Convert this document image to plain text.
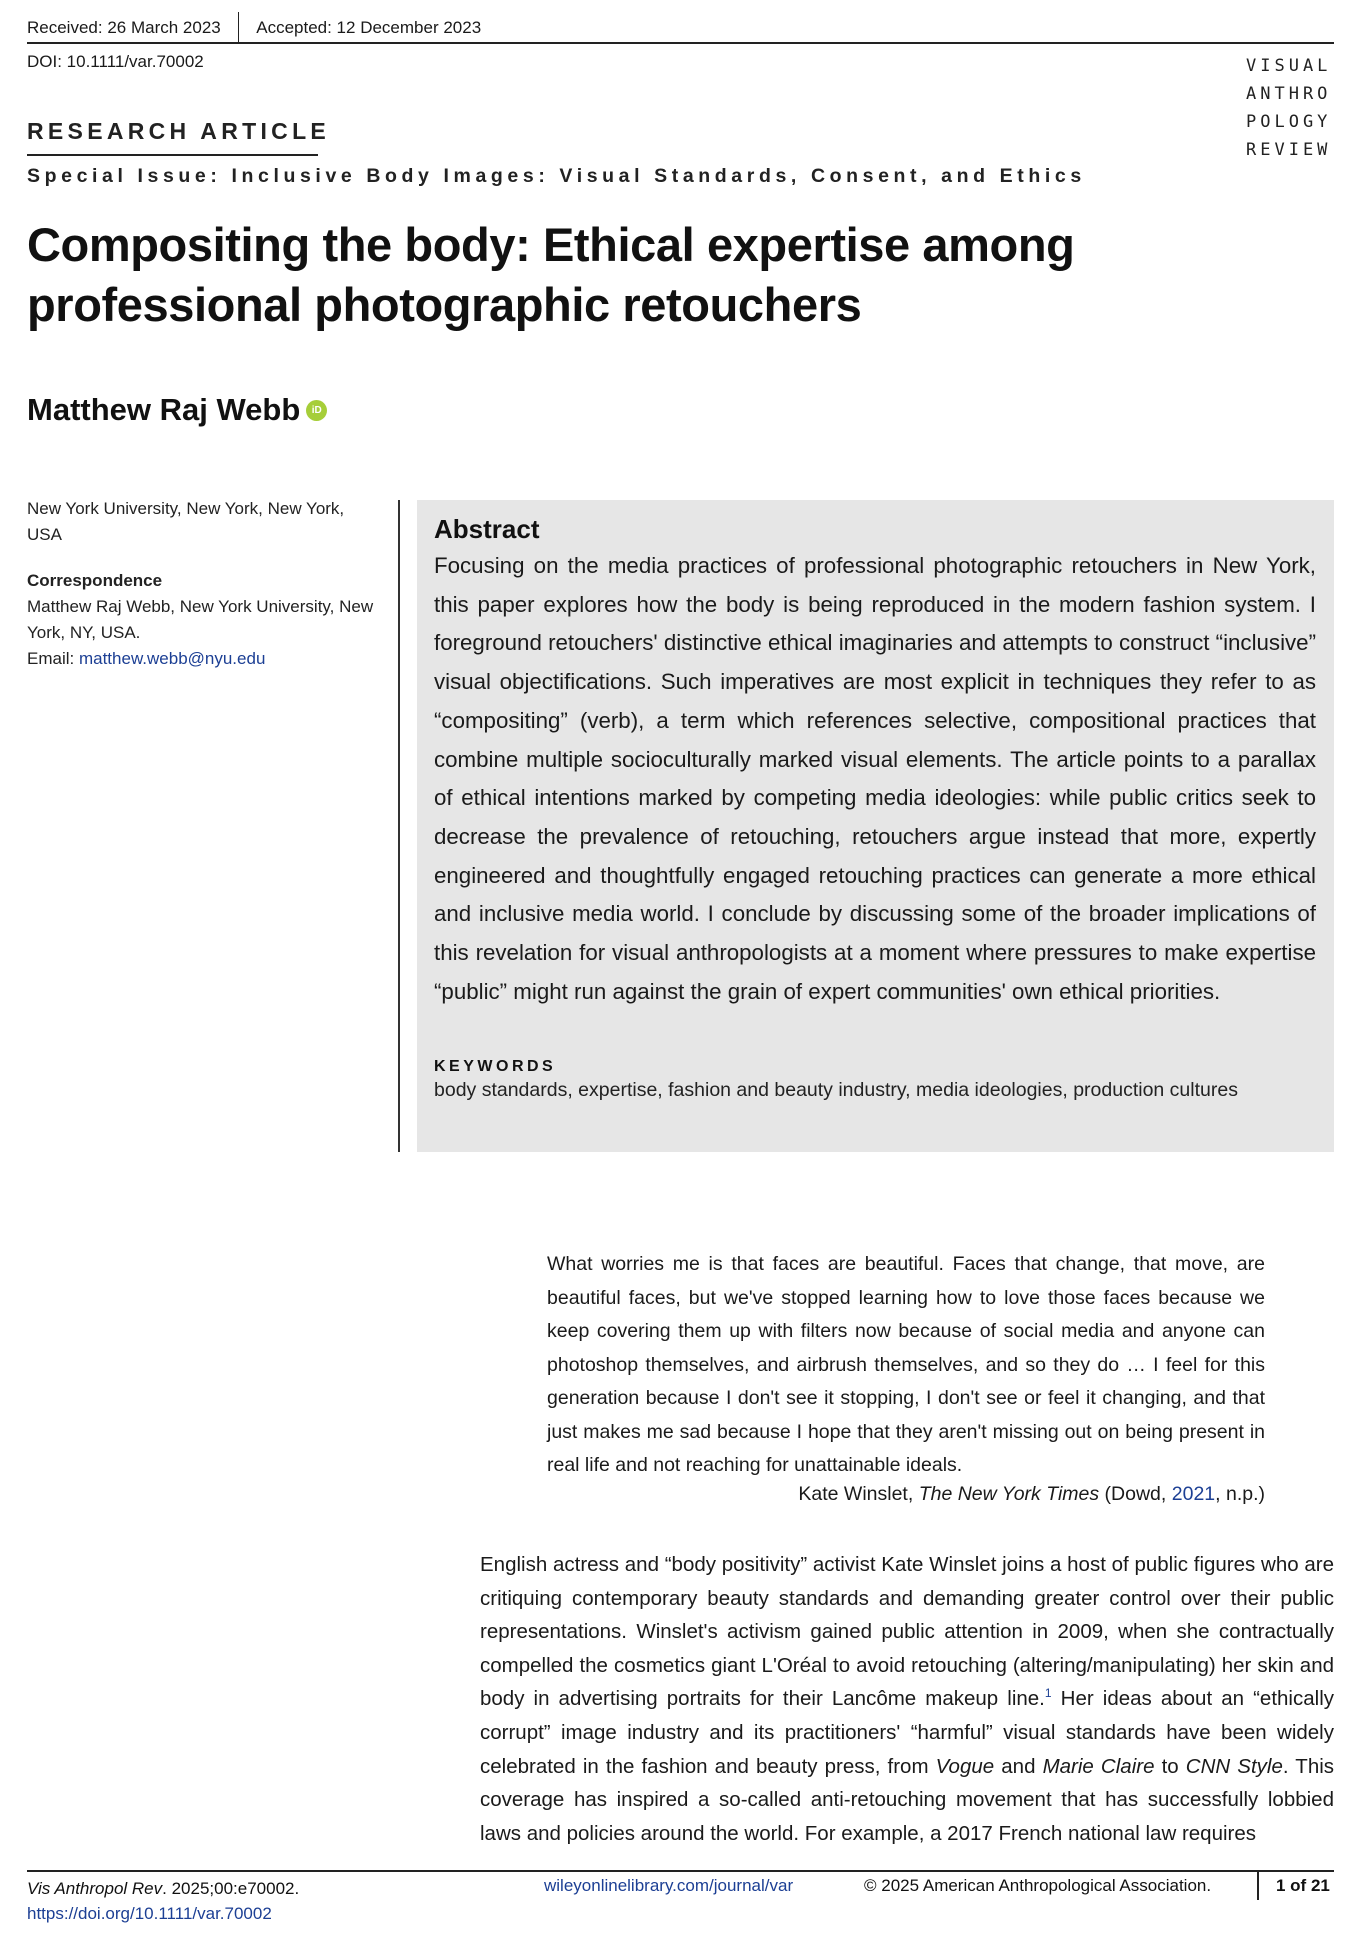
Received: 26 March 2023 Accepted: 12 December 2023
DOI: 10.1111/var.70002	VISUAL
ANTHRO
POLOGY
REVIEW
RESEARCH ARTICLE
Special Issue: Inclusive Body Images: Visual Standards, Consent, and Ethics
Compositing the body: Ethical expertise among professional photographic retouchers
Matthew Raj Webb	iD
New York University, New York, New York, USA
Correspondence
Matthew Raj Webb, New York University, New York, NY, USA.
Email: matthew.webb@nyu.edu
Abstract
Focusing on the media practices of professional photographic retouchers in New York, this paper explores how the body is being reproduced in the modern fashion system. I foreground retouchers' distinctive ethical imaginaries and attempts to construct “inclusive” visual objectifications. Such imperatives are most explicit in techniques they refer to as “compositing” (verb), a term which references selective, compositional practices that combine multiple socioculturally marked visual elements. The article points to a parallax of ethical intentions marked by competing media ideologies: while public critics seek to decrease the prevalence of retouching, retouchers argue instead that more, expertly engineered and thoughtfully engaged retouching practices can generate a more ethical and inclusive media world. I conclude by discussing some of the broader implications of this revelation for visual anthropologists at a moment where pressures to make expertise “public” might run against the grain of expert communities' own ethical priorities.
KEYWORDS
body standards, expertise, fashion and beauty industry, media ideologies, production cultures
What worries me is that faces are beautiful. Faces that change, that move, are beautiful faces, but we've stopped learning how to love those faces because we keep covering them up with filters now because of social media and anyone can photoshop themselves, and airbrush themselves, and so they do … I feel for this generation because I don't see it stopping, I don't see or feel it changing, and that just makes me sad because I hope that they aren't missing out on being present in real life and not reaching for unattainable ideals.
Kate Winslet, The New York Times (Dowd, 2021, n.p.)
English actress and “body positivity” activist Kate Winslet joins a host of public figures who are critiquing contemporary beauty standards and demanding greater control over their public representations. Winslet's activism gained public attention in 2009, when she contractually compelled the cosmetics giant L'Oréal to avoid retouching (altering/manipulating) her skin and body in advertising portraits for their Lancôme makeup line.$^1$ Her ideas about an “ethically corrupt” image industry and its practitioners' “harmful” visual standards have been widely celebrated in the fashion and beauty press, from Vogue and Marie Claire to CNN Style. This coverage has inspired a so-called anti-retouching movement that has successfully lobbied laws and policies around the world. For example, a 2017 French national law requires
Vis Anthropol Rev. 2025;00:e70002.
https://doi.org/10.1111/var.70002
wileyonlinelibrary.com/journal/var	© 2025 American Anthropological Association.	1 of 21
